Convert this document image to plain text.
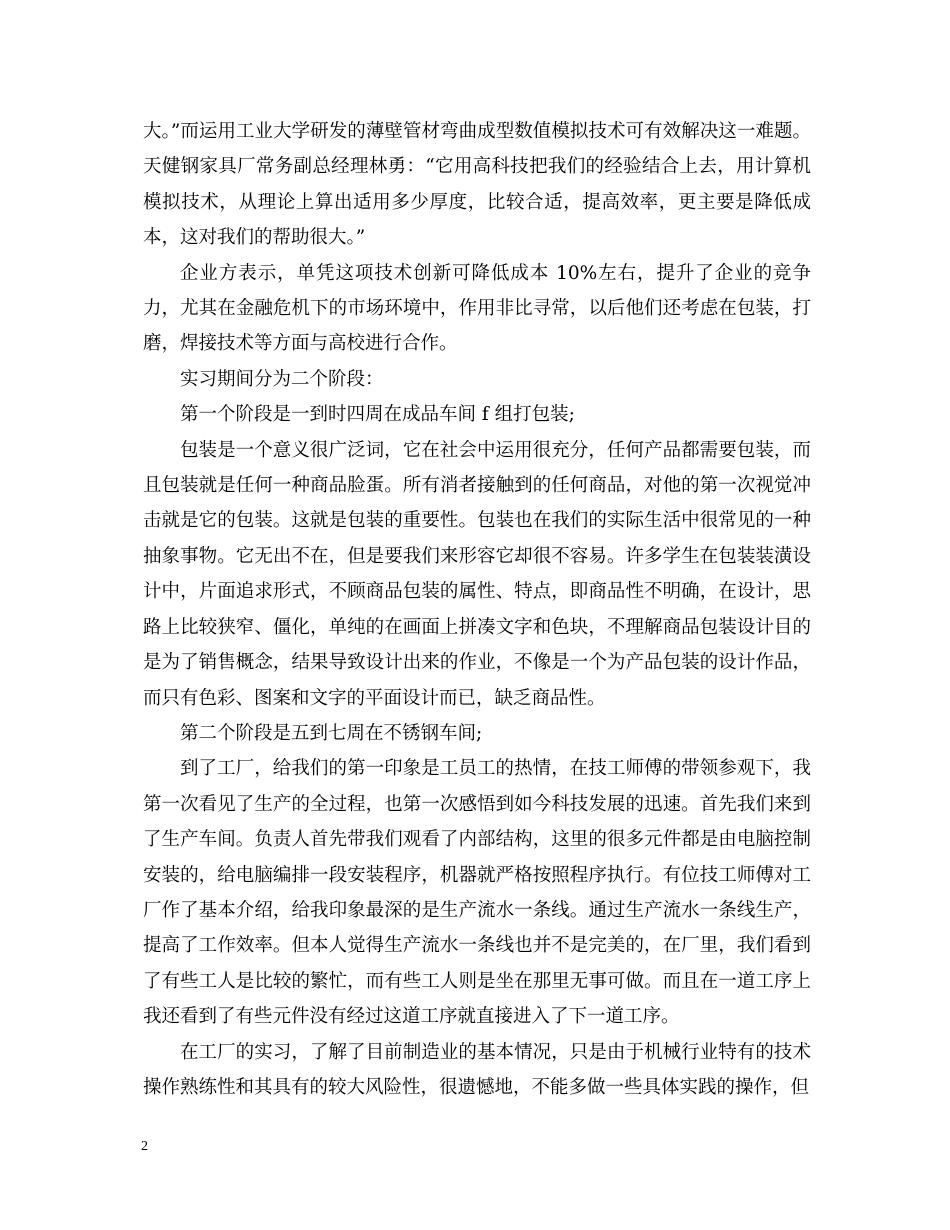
大。”而运用工业大学研发的薄壁管材弯曲成型数值模拟技术可有效解决这一难题。天健钢家具厂常务副总经理林勇：“它用高科技把我们的经验结合上去，用计算机模拟技术，从理论上算出适用多少厚度，比较合适，提高效率，更主要是降低成本，这对我们的帮助很大。”

企业方表示，单凭这项技术创新可降低成本 10%左右，提升了企业的竞争力，尤其在金融危机下的市场环境中，作用非比寻常，以后他们还考虑在包装，打磨，焊接技术等方面与高校进行合作。

实习期间分为二个阶段：

第一个阶段是一到时四周在成品车间 f 组打包装;

包装是一个意义很广泛词，它在社会中运用很充分，任何产品都需要包装，而且包装就是任何一种商品脸蛋。所有消者接触到的任何商品，对他的第一次视觉冲击就是它的包装。这就是包装的重要性。包装也在我们的实际生活中很常见的一种抽象事物。它无出不在，但是要我们来形容它却很不容易。许多学生在包装装潢设计中，片面追求形式，不顾商品包装的属性、特点，即商品性不明确，在设计，思路上比较狭窄、僵化，单纯的在画面上拼凑文字和色块，不理解商品包装设计目的是为了销售概念，结果导致设计出来的作业，不像是一个为产品包装的设计作品，而只有色彩、图案和文字的平面设计而已，缺乏商品性。

第二个阶段是五到七周在不锈钢车间;

到了工厂，给我们的第一印象是工员工的热情，在技工师傅的带领参观下，我第一次看见了生产的全过程，也第一次感悟到如今科技发展的迅速。首先我们来到了生产车间。负责人首先带我们观看了内部结构，这里的很多元件都是由电脑控制安装的，给电脑编排一段安装程序，机器就严格按照程序执行。有位技工师傅对工厂作了基本介绍，给我印象最深的是生产流水一条线。通过生产流水一条线生产，提高了工作效率。但本人觉得生产流水一条线也并不是完美的，在厂里，我们看到了有些工人是比较的繁忙，而有些工人则是坐在那里无事可做。而且在一道工序上我还看到了有些元件没有经过这道工序就直接进入了下一道工序。

在工厂的实习，了解了目前制造业的基本情况，只是由于机械行业特有的技术操作熟练性和其具有的较大风险性，很遗憾地，不能多做一些具体实践的操作，但

2
